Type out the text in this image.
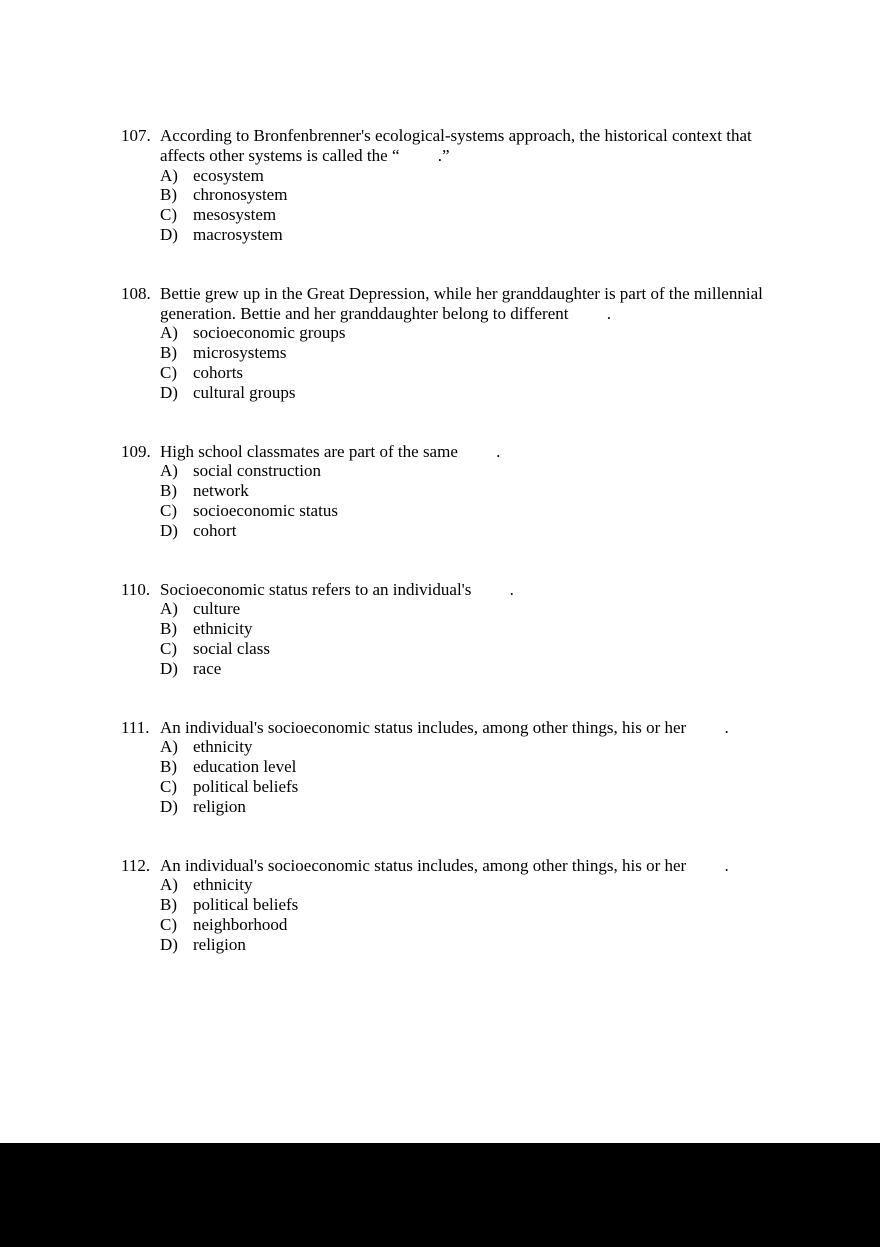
107. According to Bronfenbrenner's ecological-systems approach, the historical context that affects other systems is called the “         .”
A) ecosystem
B) chronosystem
C) mesosystem
D) macrosystem
108. Bettie grew up in the Great Depression, while her granddaughter is part of the millennial generation. Bettie and her granddaughter belong to different         .
A) socioeconomic groups
B) microsystems
C) cohorts
D) cultural groups
109. High school classmates are part of the same         .
A) social construction
B) network
C) socioeconomic status
D) cohort
110. Socioeconomic status refers to an individual's         .
A) culture
B) ethnicity
C) social class
D) race
111. An individual's socioeconomic status includes, among other things, his or her         .
A) ethnicity
B) education level
C) political beliefs
D) religion
112. An individual's socioeconomic status includes, among other things, his or her         .
A) ethnicity
B) political beliefs
C) neighborhood
D) religion
